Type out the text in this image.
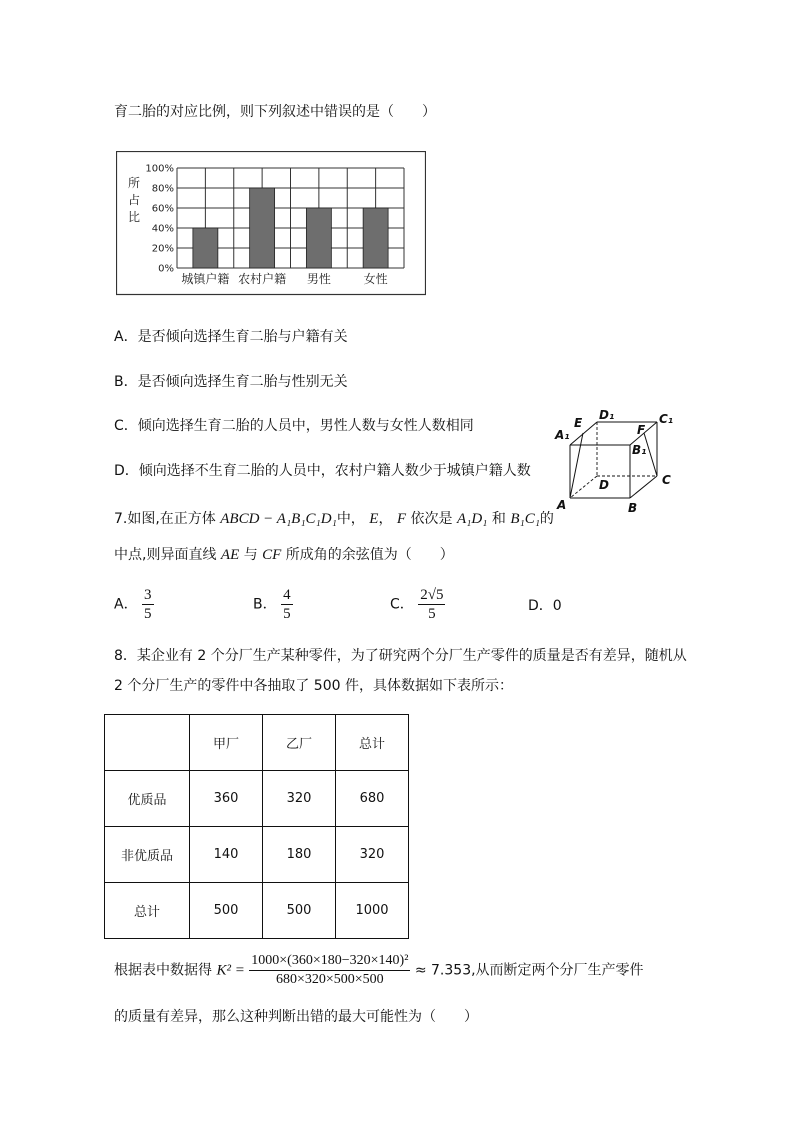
育二胎的对应比例，则下列叙述中错误的是（　　）
0%
20%
40%
60%
80%
100%
城镇户籍 农村户籍 男性	女性
所
占
比
A．是否倾向选择生育二胎与户籍有关
B．是否倾向选择生育二胎与性别无关
C．倾向选择生育二胎的人员中，男性人数与女性人数相同
D．倾向选择不生育二胎的人员中，农村户籍人数少于城镇户籍人数
A₁
E
D₁	C₁
F
B₁
D	C
A	B
7.如图,在正方体 ABCD − A₁B₁C₁D₁中， E， F 依次是 A₁D₁ 和 B₁C₁的
中点,则异面直线 AE 与 CF 所成角的余弦值为（　　）
A． $\frac{3}{5}$	B． $\frac{4}{5}$	C． $\frac{2√5}{5}$	D．0
8．某企业有 2 个分厂生产某种零件，为了研究两个分厂生产零件的质量是否有差异，随机从
2 个分厂生产的零件中各抽取了 500 件，具体数据如下表所示：
	甲厂	乙厂	总计
优质品	360	320	680
非优质品	140	180	320
总计	500	500	1000
根据表中数据得 $K^2 = \frac{\text{1000×(360×180−320×140)²}}{680\times 320\times 500\times 500} \approx 7.353$,从而断定两个分厂生产零件
的质量有差异，那么这种判断出错的最大可能性为（　　）
